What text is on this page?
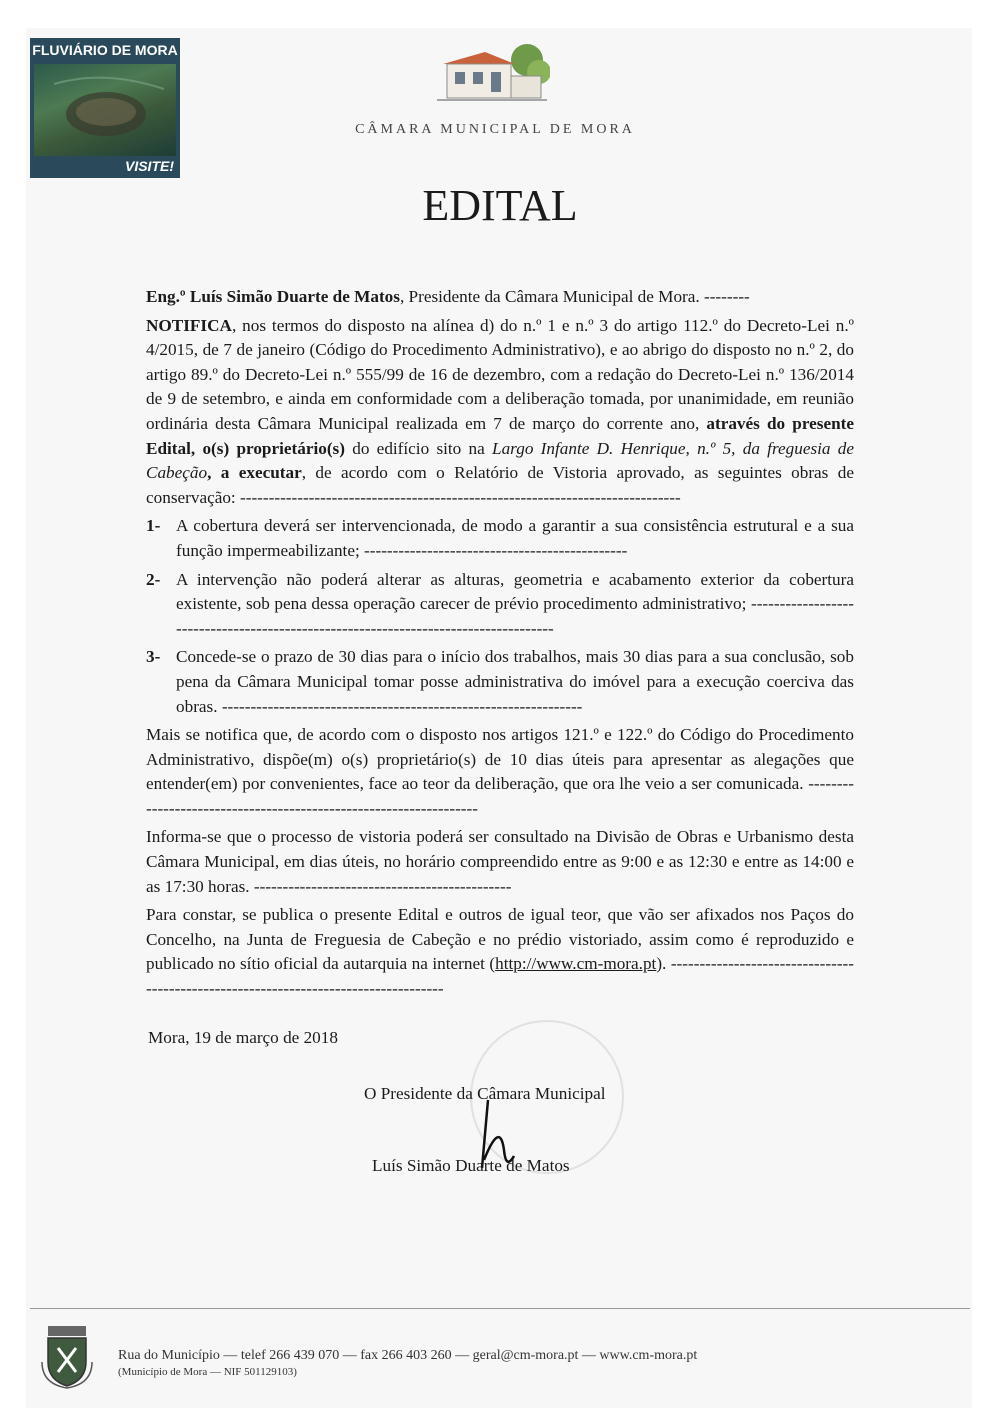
FLUVIÁRIO DE MORA
VISITE!
CÂMARA MUNICIPAL DE MORA
EDITAL

Eng.º Luís Simão Duarte de Matos, Presidente da Câmara Municipal de Mora. --------

NOTIFICA, nos termos do disposto na alínea d) do n.º 1 e n.º 3 do artigo 112.º do Decreto-Lei n.º 4/2015, de 7 de janeiro (Código do Procedimento Administrativo), e ao abrigo do disposto no n.º 2, do artigo 89.º do Decreto-Lei n.º 555/99 de 16 de dezembro, com a redação do Decreto-Lei n.º 136/2014 de 9 de setembro, e ainda em conformidade com a deliberação tomada, por unanimidade, em reunião ordinária desta Câmara Municipal realizada em 7 de março do corrente ano, através do presente Edital, o(s) proprietário(s) do edifício sito na Largo Infante D. Henrique, n.º 5, da freguesia de Cabeção, a executar, de acordo com o Relatório de Vistoria aprovado, as seguintes obras de conservação: -----------------------------------------------------------------------------

1- A cobertura deverá ser intervencionada, de modo a garantir a sua consistência estrutural e a sua função impermeabilizante; ----------------------------------------------
2- A intervenção não poderá alterar as alturas, geometria e acabamento exterior da cobertura existente, sob pena dessa operação carecer de prévio procedimento administrativo; ------------------------------------------------------------------------------------
3- Concede-se o prazo de 30 dias para o início dos trabalhos, mais 30 dias para a sua conclusão, sob pena da Câmara Municipal tomar posse administrativa do imóvel para a execução coerciva das obras. ---------------------------------------------------------------

Mais se notifica que, de acordo com o disposto nos artigos 121.º e 122.º do Código do Procedimento Administrativo, dispõe(m) o(s) proprietário(s) de 10 dias úteis para apresentar as alegações que entender(em) por convenientes, face ao teor da deliberação, que ora lhe veio a ser comunicada. ------------------------------------------------------------------

Informa-se que o processo de vistoria poderá ser consultado na Divisão de Obras e Urbanismo desta Câmara Municipal, em dias úteis, no horário compreendido entre as 9:00 e as 12:30 e entre as 14:00 e as 17:30 horas. ---------------------------------------------

Para constar, se publica o presente Edital e outros de igual teor, que vão ser afixados nos Paços do Concelho, na Junta de Freguesia de Cabeção e no prédio vistoriado, assim como é reproduzido e publicado no sítio oficial da autarquia na internet (http://www.cm-mora.pt). ------------------------------------------------------------------------------------

Mora, 19 de março de 2018
O Presidente da Câmara Municipal
Luís Simão Duarte de Matos
Rua do Município — telef 266 439 070 — fax 266 403 260 — geral@cm-mora.pt — www.cm-mora.pt
(Município de Mora — NIF 501129103)
